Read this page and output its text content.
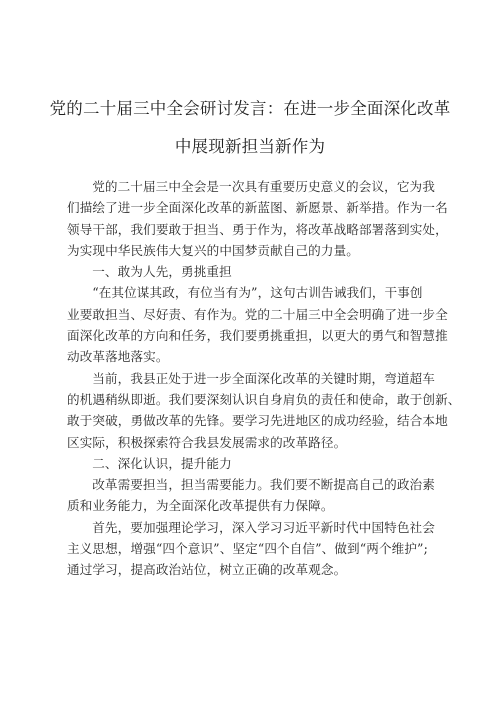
党的二十届三中全会研讨发言：在进一步全面深化改革
中展现新担当新作为
党的二十届三中全会是一次具有重要历史意义的会议，它为我
们描绘了进一步全面深化改革的新蓝图、新愿景、新举措。作为一名
领导干部，我们要敢于担当、勇于作为，将改革战略部署落到实处，
为实现中华民族伟大复兴的中国梦贡献自己的力量。
一、敢为人先，勇挑重担
“在其位谋其政，有位当有为”，这句古训告诫我们，干事创
业要敢担当、尽好责、有作为。党的二十届三中全会明确了进一步全
面深化改革的方向和任务，我们要勇挑重担，以更大的勇气和智慧推
动改革落地落实。
当前，我县正处于进一步全面深化改革的关键时期，弯道超车
的机遇稍纵即逝。我们要深刻认识自身肩负的责任和使命，敢于创新、
敢于突破，勇做改革的先锋。要学习先进地区的成功经验，结合本地
区实际，积极探索符合我县发展需求的改革路径。
二、深化认识，提升能力
改革需要担当，担当需要能力。我们要不断提高自己的政治素
质和业务能力，为全面深化改革提供有力保障。
首先，要加强理论学习，深入学习习近平新时代中国特色社会
主义思想，增强“四个意识”、坚定“四个自信”、做到“两个维护”;
通过学习，提高政治站位，树立正确的改革观念。
